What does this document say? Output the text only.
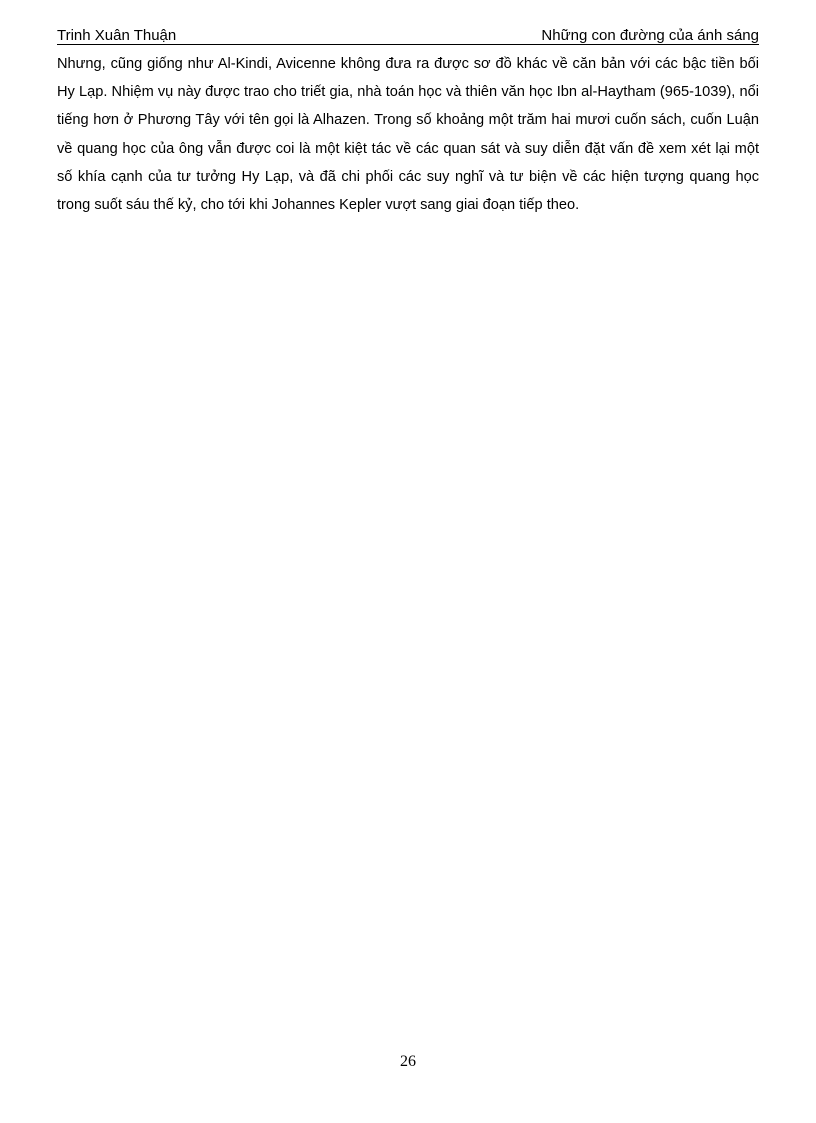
Trinh Xuân Thuận	Những con đường của ánh sáng

Nhưng, cũng giống như Al-Kindi, Avicenne không đưa ra được sơ đồ khác về căn bản với các bậc tiền bối Hy Lạp. Nhiệm vụ này được trao cho triết gia, nhà toán học và thiên văn học Ibn al-Haytham (965-1039), nổi tiếng hơn ở Phương Tây với tên gọi là Alhazen. Trong số khoảng một trăm hai mươi cuốn sách, cuốn Luận về quang học của ông vẫn được coi là một kiệt tác về các quan sát và suy diễn đặt vấn đề xem xét lại một số khía cạnh của tư tưởng Hy Lạp, và đã chi phối các suy nghĩ và tư biện về các hiện tượng quang học trong suốt sáu thế kỷ, cho tới khi Johannes Kepler vượt sang giai đoạn tiếp theo.

26
